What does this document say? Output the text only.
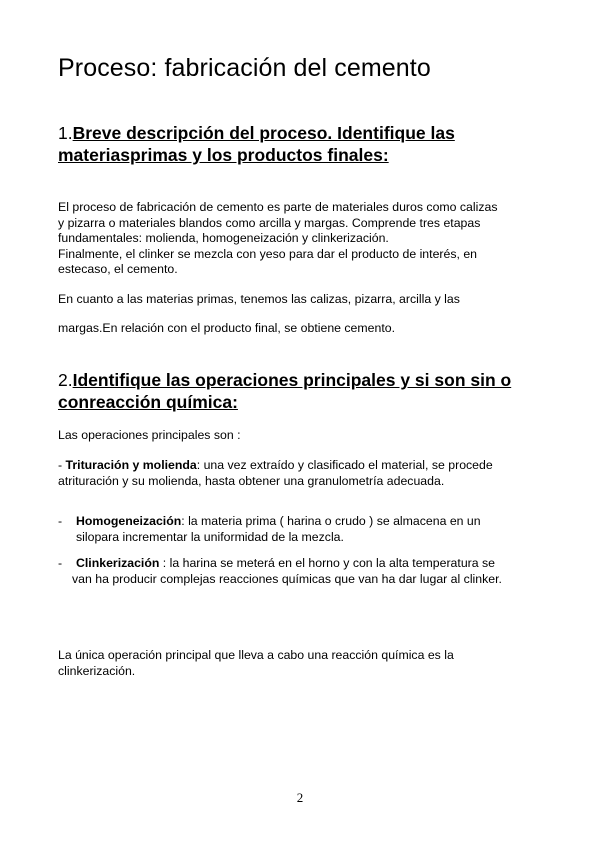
Proceso: fabricación del cemento
1.Breve descripción del proceso. Identifique las
materiasprimas y los productos finales:
El proceso de fabricación de cemento es parte de materiales duros como calizas
y pizarra o materiales blandos como arcilla y margas. Comprende tres etapas
fundamentales: molienda, homogeneización y clinkerización.
Finalmente, el clinker se mezcla con yeso para dar el producto de interés, en
estecaso, el cemento.

En cuanto a las materias primas, tenemos las calizas, pizarra, arcilla y las

margas.En relación con el producto final, se obtiene cemento.

2.Identifique las operaciones principales y si son sin o
conreacción química:

Las operaciones principales son :

- Trituración y molienda: una vez extraído y clasificado el material, se procede
atrituración y su molienda, hasta obtener una granulometría adecuada.
- Homogeneización: la materia prima ( harina o crudo ) se almacena en un
silopara incrementar la uniformidad de la mezcla.
- Clinkerización : la harina se meterá en el horno y con la alta temperatura se
van ha producir complejas reacciones químicas que van ha dar lugar al clinker.
La única operación principal que lleva a cabo una reacción química es la
clinkerización.
2
